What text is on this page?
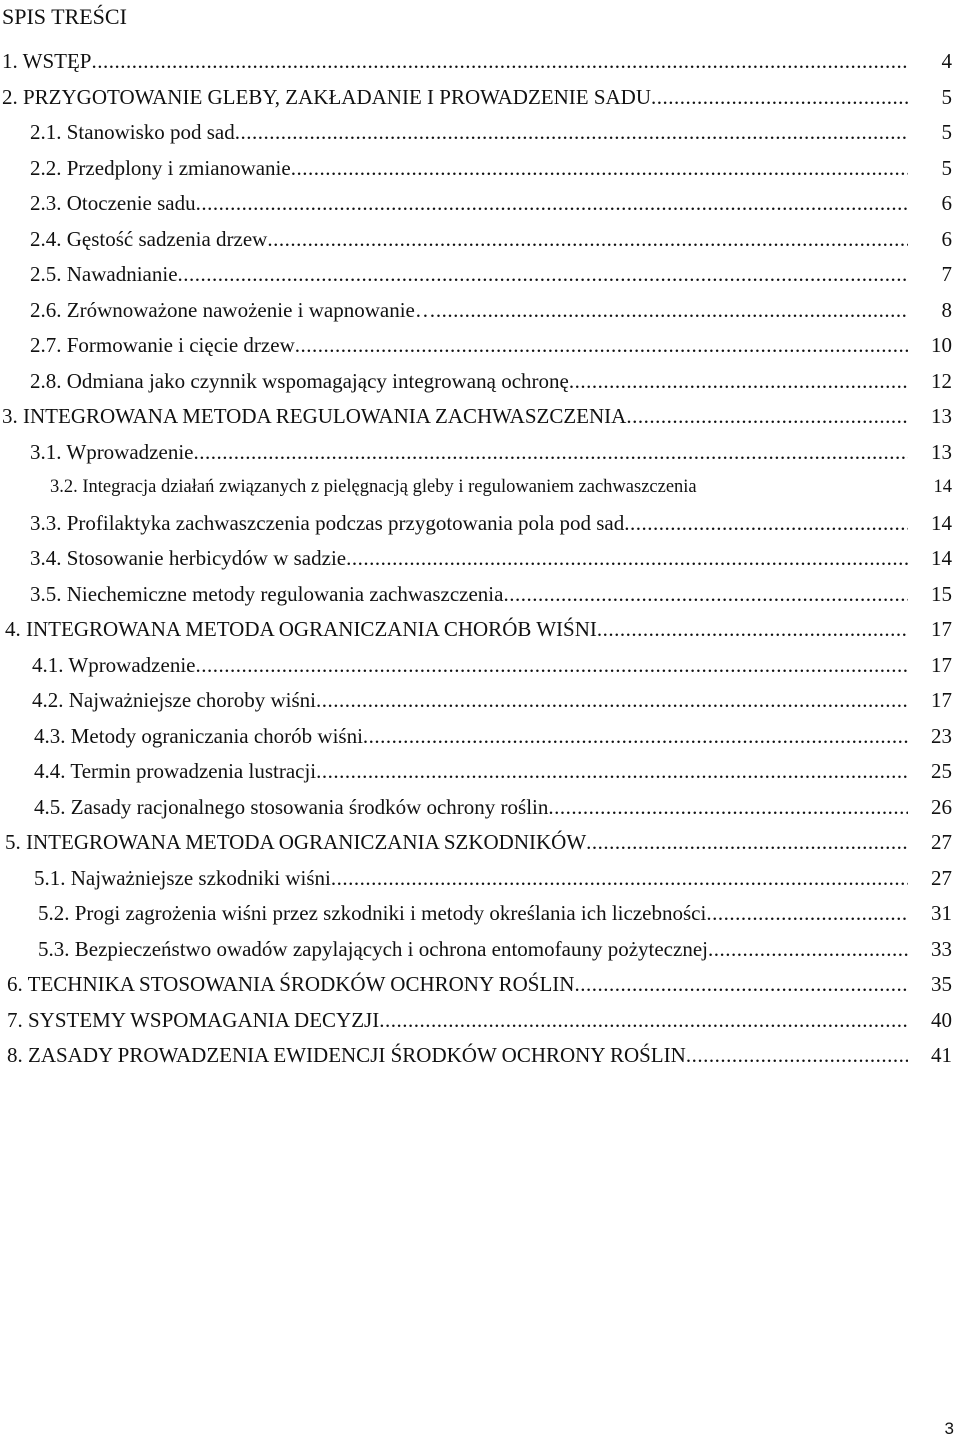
SPIS TREŚCI
1. WSTĘP .....	4
2. PRZYGOTOWANIE GLEBY, ZAKŁADANIE I PROWADZENIE SADU .....	5
2.1. Stanowisko pod sad .....	5
2.2. Przedplony i zmianowanie .....	5
2.3. Otoczenie sadu .....	6
2.4. Gęstość sadzenia drzew .....	6
2.5. Nawadnianie .....	7
2.6. Zrównoważone nawożenie i wapnowanie… .....	8
2.7. Formowanie i cięcie drzew .....	10
2.8. Odmiana jako czynnik wspomagający integrowaną ochronę .....	12
3. INTEGROWANA METODA REGULOWANIA ZACHWASZCZENIA .....	13
3.1. Wprowadzenie .....	13
3.2. Integracja działań związanych z pielęgnacją gleby i regulowaniem zachwaszczenia	14
3.3. Profilaktyka zachwaszczenia podczas przygotowania pola pod sad .....	14
3.4. Stosowanie herbicydów w sadzie .....	14
3.5. Niechemiczne metody regulowania zachwaszczenia .....	15
4. INTEGROWANA METODA OGRANICZANIA CHORÓB WIŚNI .....	17
4.1. Wprowadzenie .....	17
4.2. Najważniejsze choroby wiśni .....	17
4.3. Metody ograniczania chorób wiśni .....	23
4.4. Termin prowadzenia lustracji .....	25
4.5. Zasady racjonalnego stosowania środków ochrony roślin .....	26
5. INTEGROWANA METODA OGRANICZANIA SZKODNIKÓW .....	27
5.1. Najważniejsze szkodniki wiśni .....	27
5.2. Progi zagrożenia wiśni przez szkodniki i metody określania ich liczebności .....	31
5.3. Bezpieczeństwo owadów zapylających i ochrona entomofauny pożytecznej .....	33
6. TECHNIKA STOSOWANIA ŚRODKÓW OCHRONY ROŚLIN .....	35
7. SYSTEMY WSPOMAGANIA DECYZJI .....	40
8. ZASADY PROWADZENIA EWIDENCJI ŚRODKÓW OCHRONY ROŚLIN .....	41
3
